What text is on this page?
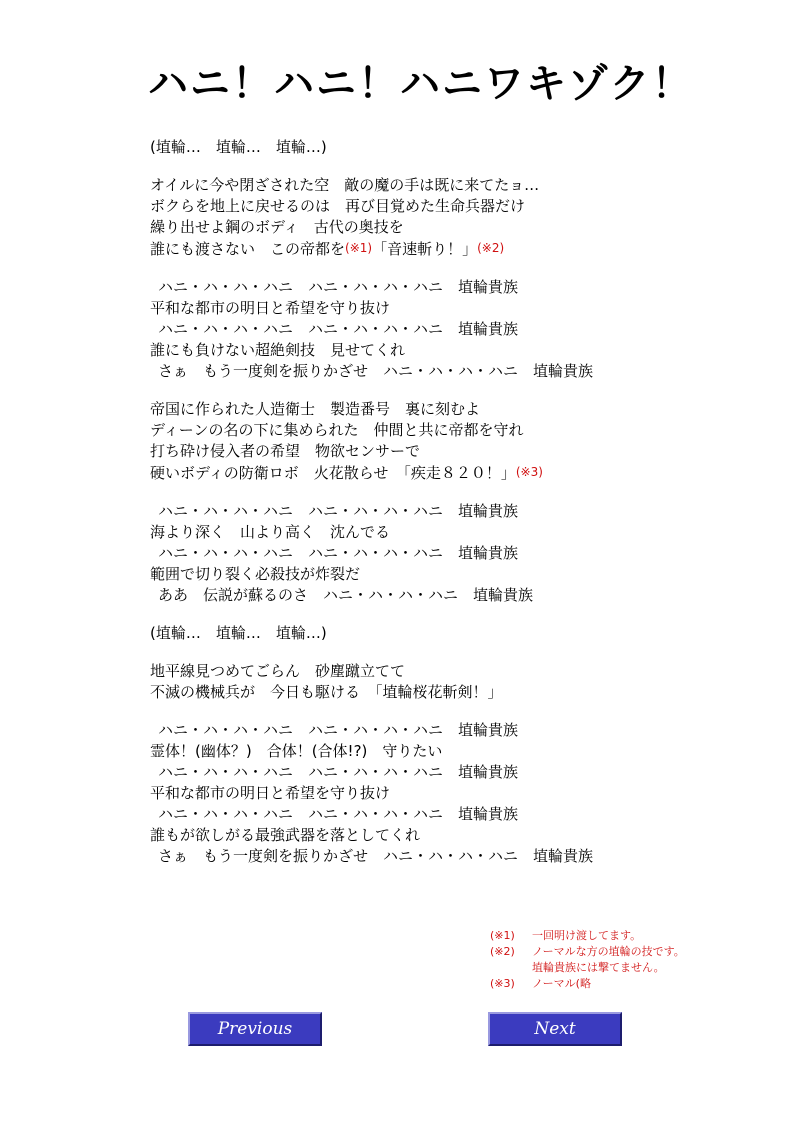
ハニ！ハニ！ハニワキゾク！
(埴輪…　埴輪…　埴輪…)
オイルに今や閉ざされた空　敵の魔の手は既に来てたョ…
ボクらを地上に戻せるのは　再び目覚めた生命兵器だけ
繰り出せよ鋼のボディ　古代の奥技を
誰にも渡さない　この帝都を(※1)「音速斬り！」(※2)
ハニ・ハ・ハ・ハニ　ハニ・ハ・ハ・ハニ　埴輪貴族
平和な都市の明日と希望を守り抜け
ハニ・ハ・ハ・ハニ　ハニ・ハ・ハ・ハニ　埴輪貴族
誰にも負けない超絶剣技　見せてくれ
さぁ　もう一度剣を振りかざせ　ハニ・ハ・ハ・ハニ　埴輪貴族
帝国に作られた人造衛士　製造番号　裏に刻むよ
ディーンの名の下に集められた　仲間と共に帝都を守れ
打ち砕け侵入者の希望　物欲センサーで
硬いボディの防衛ロボ　火花散らせ　「疾走８２０！」(※3)
ハニ・ハ・ハ・ハニ　ハニ・ハ・ハ・ハニ　埴輪貴族
海より深く　山より高く　沈んでる
ハニ・ハ・ハ・ハニ　ハニ・ハ・ハ・ハニ　埴輪貴族
範囲で切り裂く必殺技が炸裂だ
ああ　伝説が蘇るのさ　ハニ・ハ・ハ・ハニ　埴輪貴族
(埴輪…　埴輪…　埴輪…)
地平線見つめてごらん　砂塵蹴立てて
不滅の機械兵が　今日も駆ける　「埴輪桜花斬剣！」
ハニ・ハ・ハ・ハニ　ハニ・ハ・ハ・ハニ　埴輪貴族
霊体！(幽体？)　合体！(合体!?)　守りたい
ハニ・ハ・ハ・ハニ　ハニ・ハ・ハ・ハニ　埴輪貴族
平和な都市の明日と希望を守り抜け
ハニ・ハ・ハ・ハニ　ハニ・ハ・ハ・ハニ　埴輪貴族
誰もが欲しがる最強武器を落としてくれ
さぁ　もう一度剣を振りかざせ　ハニ・ハ・ハ・ハニ　埴輪貴族
(※1)	一回明け渡してます。
(※2)	ノーマルな方の埴輪の技です。
埴輪貴族には撃てません。
(※3)	ノーマル(略
Previous	Next
